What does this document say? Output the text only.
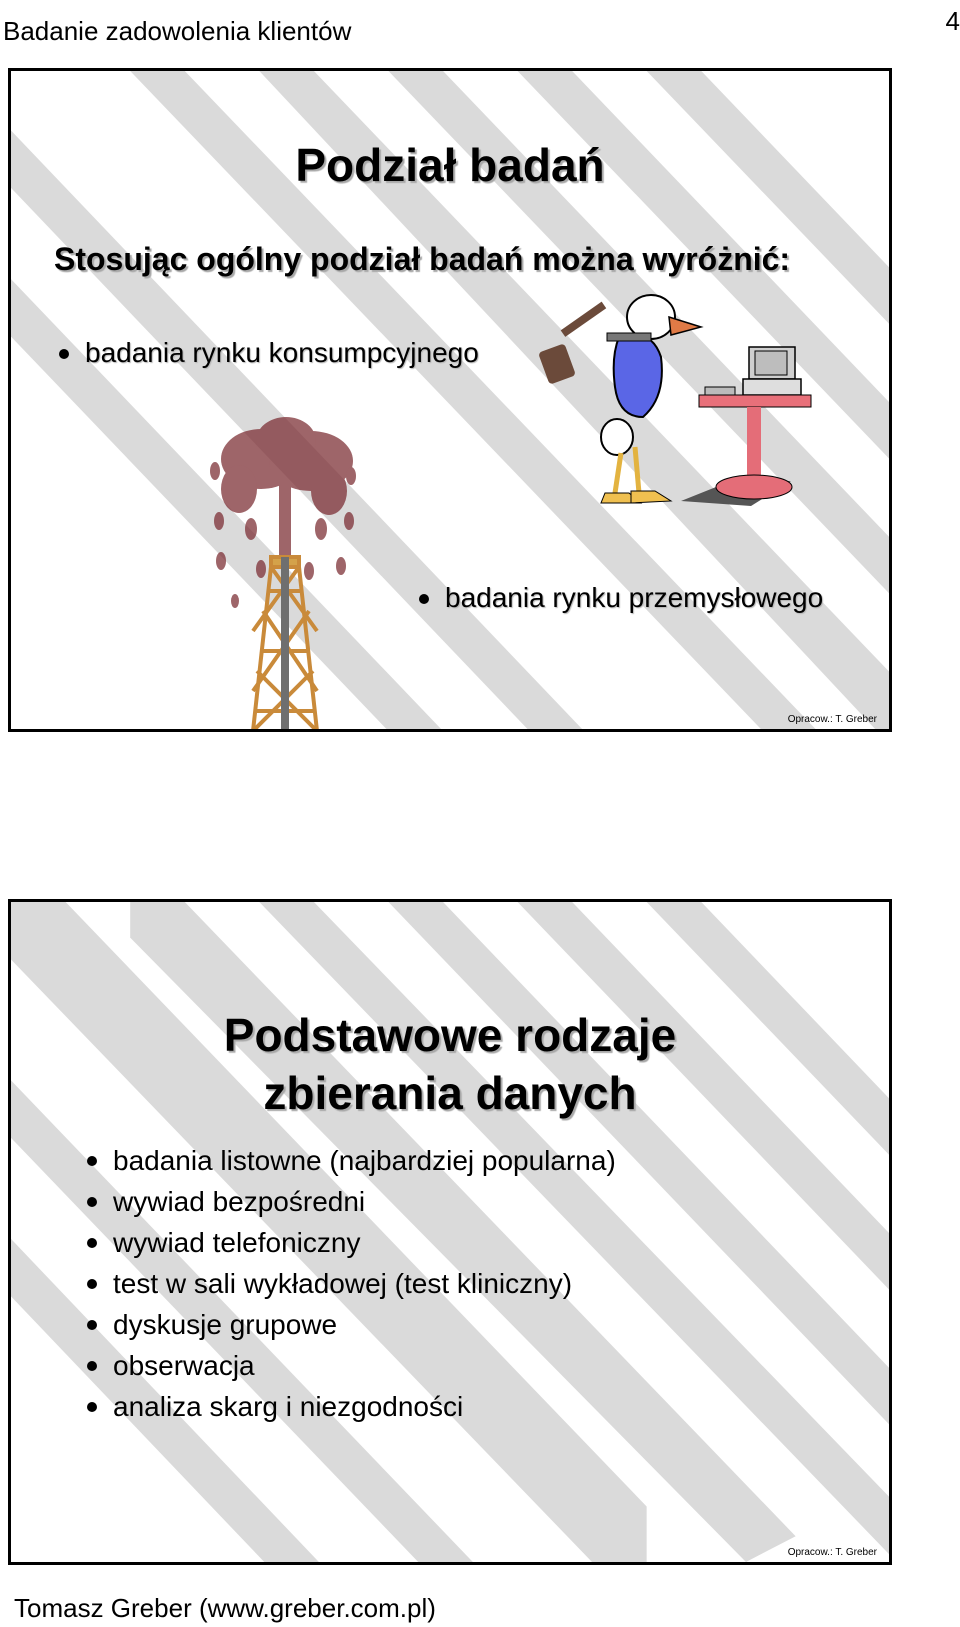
Badanie zadowolenia klientów	4
Podział badań
Stosując ogólny podział badań można wyróżnić:
badania rynku konsumpcyjnego
badania rynku przemysłowego
Opracow.: T. Greber
Podstawowe rodzaje
zbierania danych
badania listowne (najbardziej popularna)
wywiad bezpośredni
wywiad telefoniczny
test w sali wykładowej (test kliniczny)
dyskusje grupowe
obserwacja
analiza skarg i niezgodności
Opracow.: T. Greber
Tomasz Greber (www.greber.com.pl)
